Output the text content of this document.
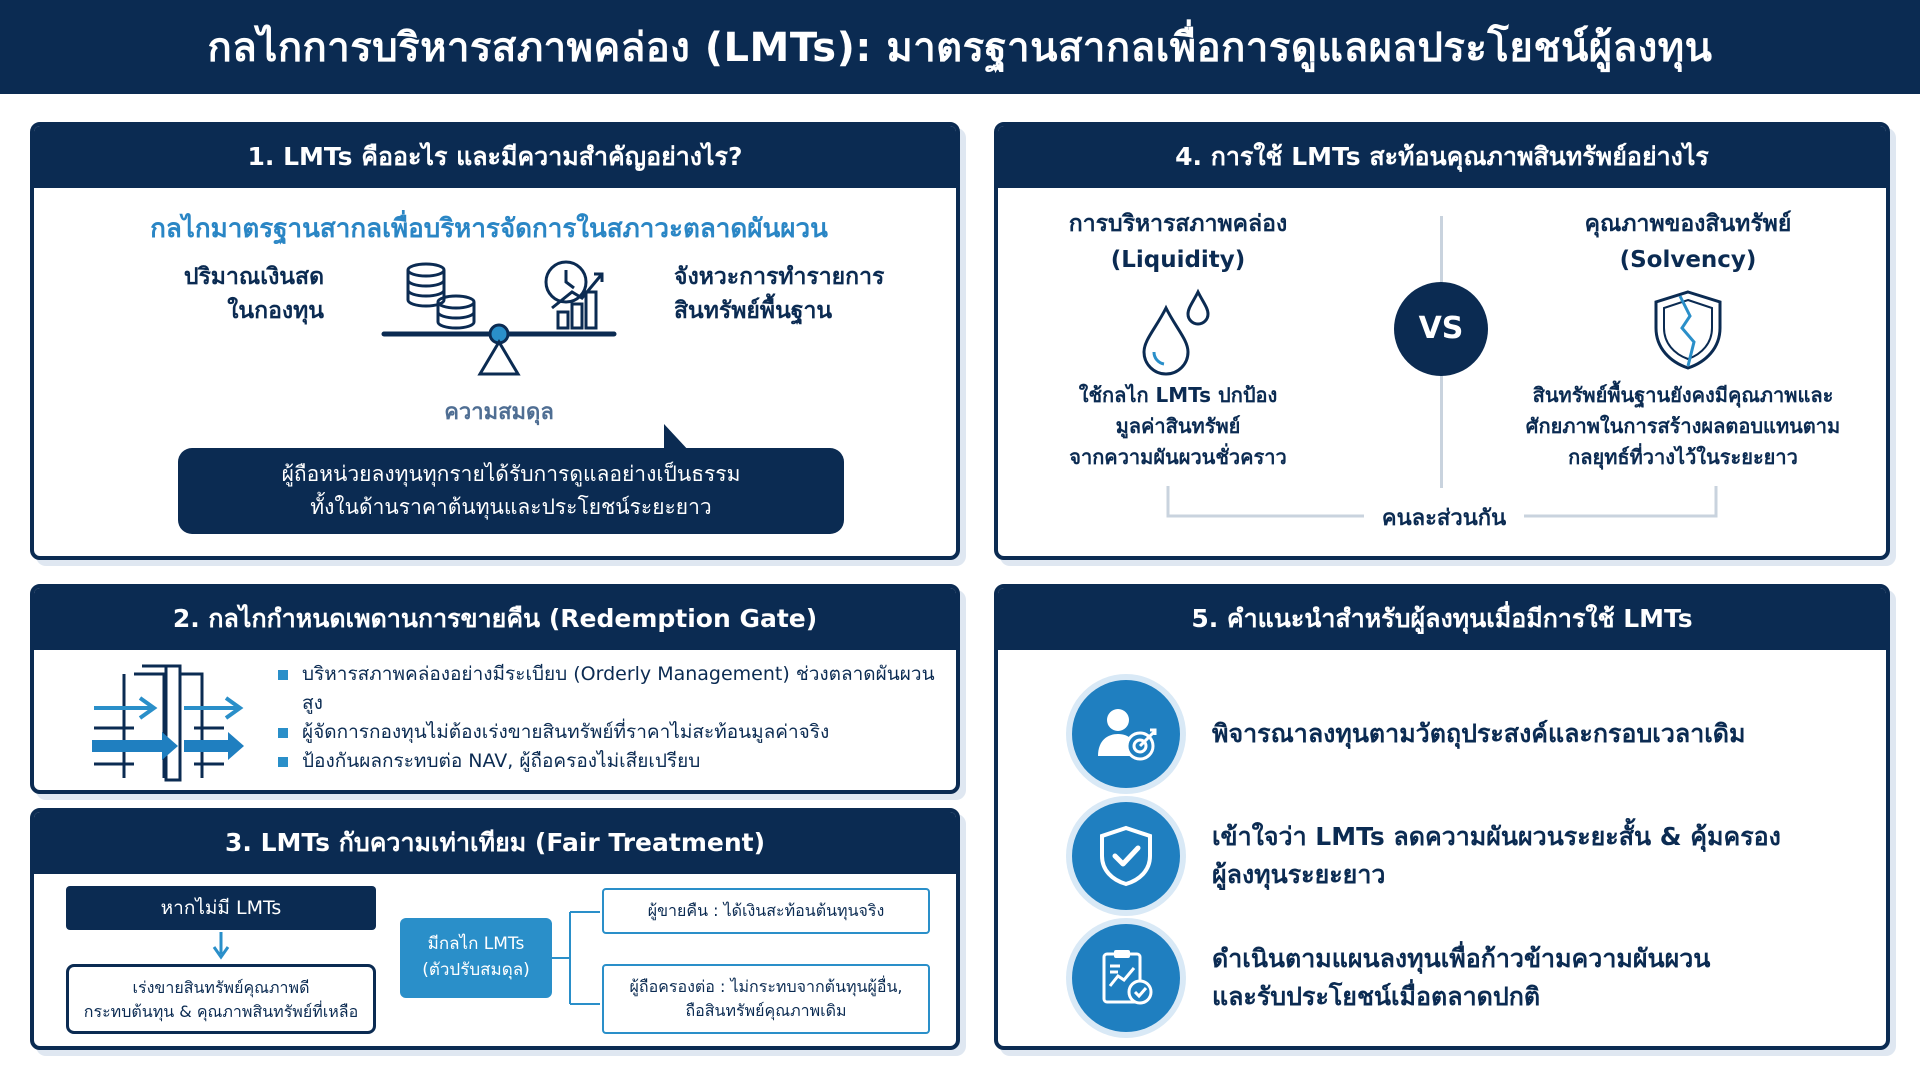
กลไกการบริหารสภาพคล่อง (LMTs): มาตรฐานสากลเพื่อการดูแลผลประโยชน์ผู้ลงทุน
1. LMTs คืออะไร และมีความสำคัญอย่างไร?
กลไกมาตรฐานสากลเพื่อบริหารจัดการในสภาวะตลาดผันผวน
ปริมาณเงินสด
ในกองทุน
จังหวะการทำรายการ
สินทรัพย์พื้นฐาน
ความสมดุล
ผู้ถือหน่วยลงทุนทุกรายได้รับการดูแลอย่างเป็นธรรม
ทั้งในด้านราคาต้นทุนและประโยชน์ระยะยาว
2. กลไกกำหนดเพดานการขายคืน (Redemption Gate)
บริหารสภาพคล่องอย่างมีระเบียบ (Orderly Management) ช่วงตลาดผันผวนสูง
ผู้จัดการกองทุนไม่ต้องเร่งขายสินทรัพย์ที่ราคาไม่สะท้อนมูลค่าจริง
ป้องกันผลกระทบต่อ NAV, ผู้ถือครองไม่เสียเปรียบ
3. LMTs กับความเท่าเทียม (Fair Treatment)
หากไม่มี LMTs
เร่งขายสินทรัพย์คุณภาพดี
กระทบต้นทุน & คุณภาพสินทรัพย์ที่เหลือ
มีกลไก LMTs
(ตัวปรับสมดุล)
ผู้ขายคืน : ได้เงินสะท้อนต้นทุนจริง
ผู้ถือครองต่อ : ไม่กระทบจากต้นทุนผู้อื่น,
ถือสินทรัพย์คุณภาพเดิม
4. การใช้ LMTs สะท้อนคุณภาพสินทรัพย์อย่างไร
การบริหารสภาพคล่อง
(Liquidity)
ใช้กลไก LMTs ปกป้อง
มูลค่าสินทรัพย์
จากความผันผวนชั่วคราว
VS
คุณภาพของสินทรัพย์
(Solvency)
สินทรัพย์พื้นฐานยังคงมีคุณภาพและ
ศักยภาพในการสร้างผลตอบแทนตาม
กลยุทธ์ที่วางไว้ในระยะยาว
คนละส่วนกัน
5. คำแนะนำสำหรับผู้ลงทุนเมื่อมีการใช้ LMTs
พิจารณาลงทุนตามวัตถุประสงค์และกรอบเวลาเดิม
เข้าใจว่า LMTs ลดความผันผวนระยะสั้น & คุ้มครอง
ผู้ลงทุนระยะยาว
ดำเนินตามแผนลงทุนเพื่อก้าวข้ามความผันผวน
และรับประโยชน์เมื่อตลาดปกติ
